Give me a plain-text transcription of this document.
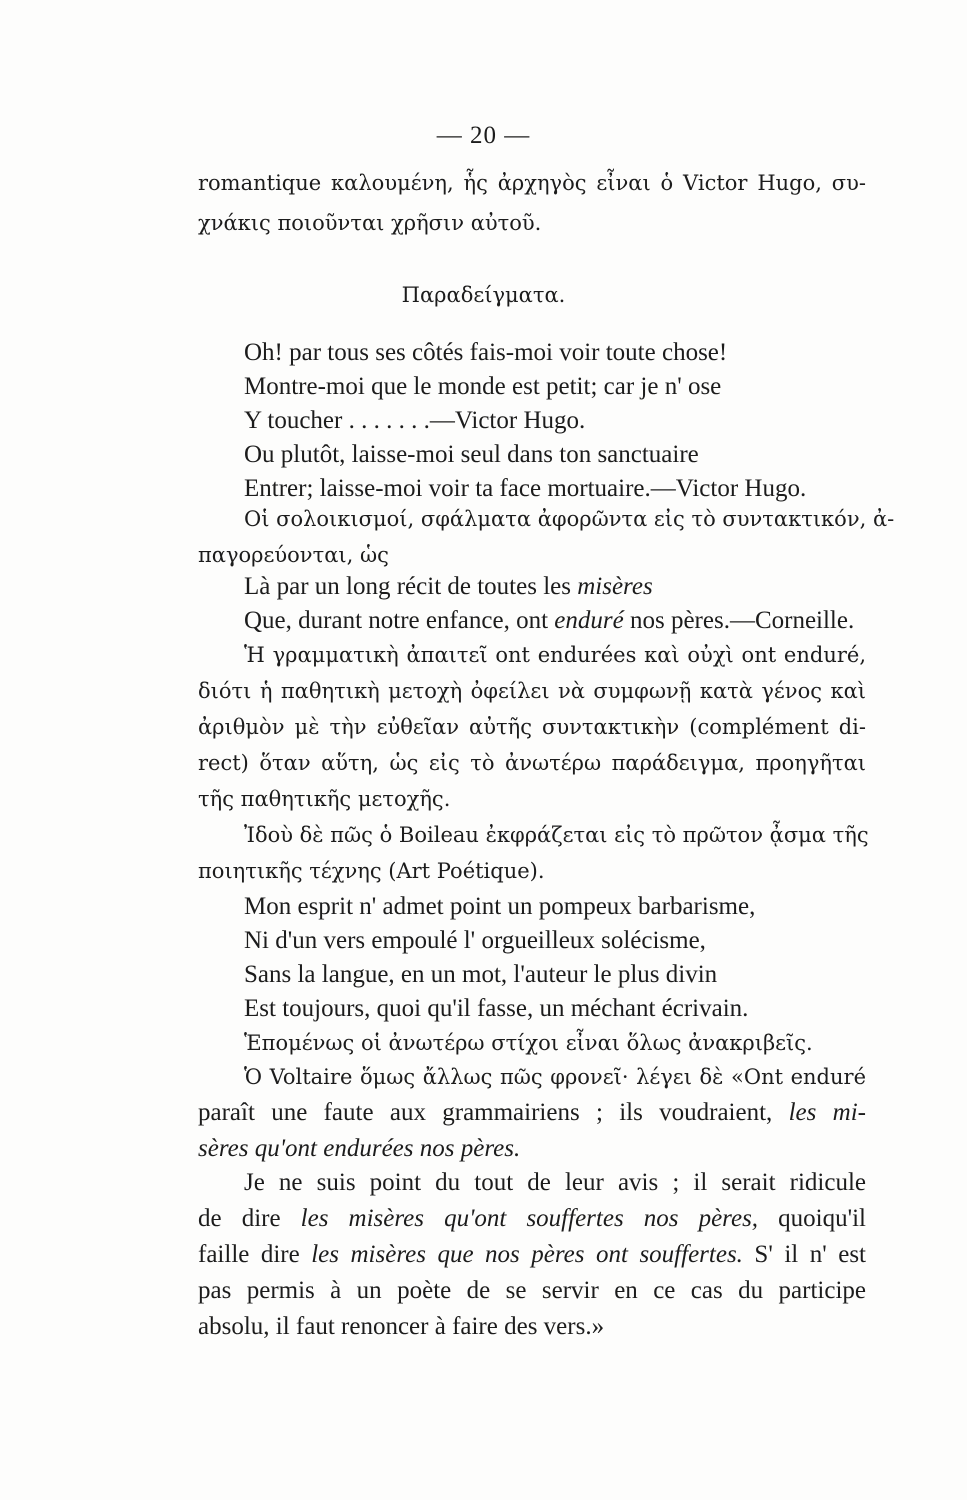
— 20 —
romantique καλουμένη, ἧς ἀρχηγὸς εἶναι ὁ Victor Hugo, συ-
χνάκις ποιοῦνται χρῆσιν αὐτοῦ.
Παραδείγματα.
Oh! par tous ses côtés fais-moi voir toute chose!
Montre-moi que le monde est petit; car je n' ose
Y toucher . . . . . . .—Victor Hugo.
Ou plutôt, laisse-moi seul dans ton sanctuaire
Entrer; laisse-moi voir ta face mortuaire.—Victor Hugo.
Οἱ σολοικισμοί, σφάλματα ἀφορῶντα εἰς τὸ συντακτικόν, ἀ-
παγορεύονται, ὡς
Là par un long récit de toutes les misères
Que, durant notre enfance, ont enduré nos pères.—Corneille.
Ἡ γραμματικὴ ἀπαιτεῖ ont endurées καὶ οὐχὶ ont enduré,
διότι ἡ παθητικὴ μετοχὴ ὀφείλει νὰ συμφωνῇ κατὰ γένος καὶ
ἀριθμὸν μὲ τὴν εὐθεῖαν αὐτῆς συντακτικὴν (complément di-
rect) ὅταν αὕτη, ὡς εἰς τὸ ἀνωτέρω παράδειγμα, προηγῆται
τῆς παθητικῆς μετοχῆς.
Ἰδοὺ δὲ πῶς ὁ Boileau ἐκφράζεται εἰς τὸ πρῶτον ᾆσμα τῆς
ποιητικῆς τέχνης (Art Poétique).
Mon esprit n' admet point un pompeux barbarisme,
Ni d'un vers empoulé l' orgueilleux solécisme,
Sans la langue, en un mot, l'auteur le plus divin
Est toujours, quoi qu'il fasse, un méchant écrivain.
Ἑπομένως οἱ ἀνωτέρω στίχοι εἶναι ὅλως ἀνακριβεῖς.
Ὁ Voltaire ὅμως ἄλλως πῶς φρονεῖ· λέγει δὲ «Ont enduré
paraît une faute aux grammairiens ; ils voudraient, les mi-
sères qu'ont endurées nos pères.
Je ne suis point du tout de leur avis ; il serait ridicule
de dire les misères qu'ont souffertes nos pères, quoiqu'il
faille dire les misères que nos pères ont souffertes. S' il n' est
pas permis à un poète de se servir en ce cas du participe
absolu, il faut renoncer à faire des vers.»
